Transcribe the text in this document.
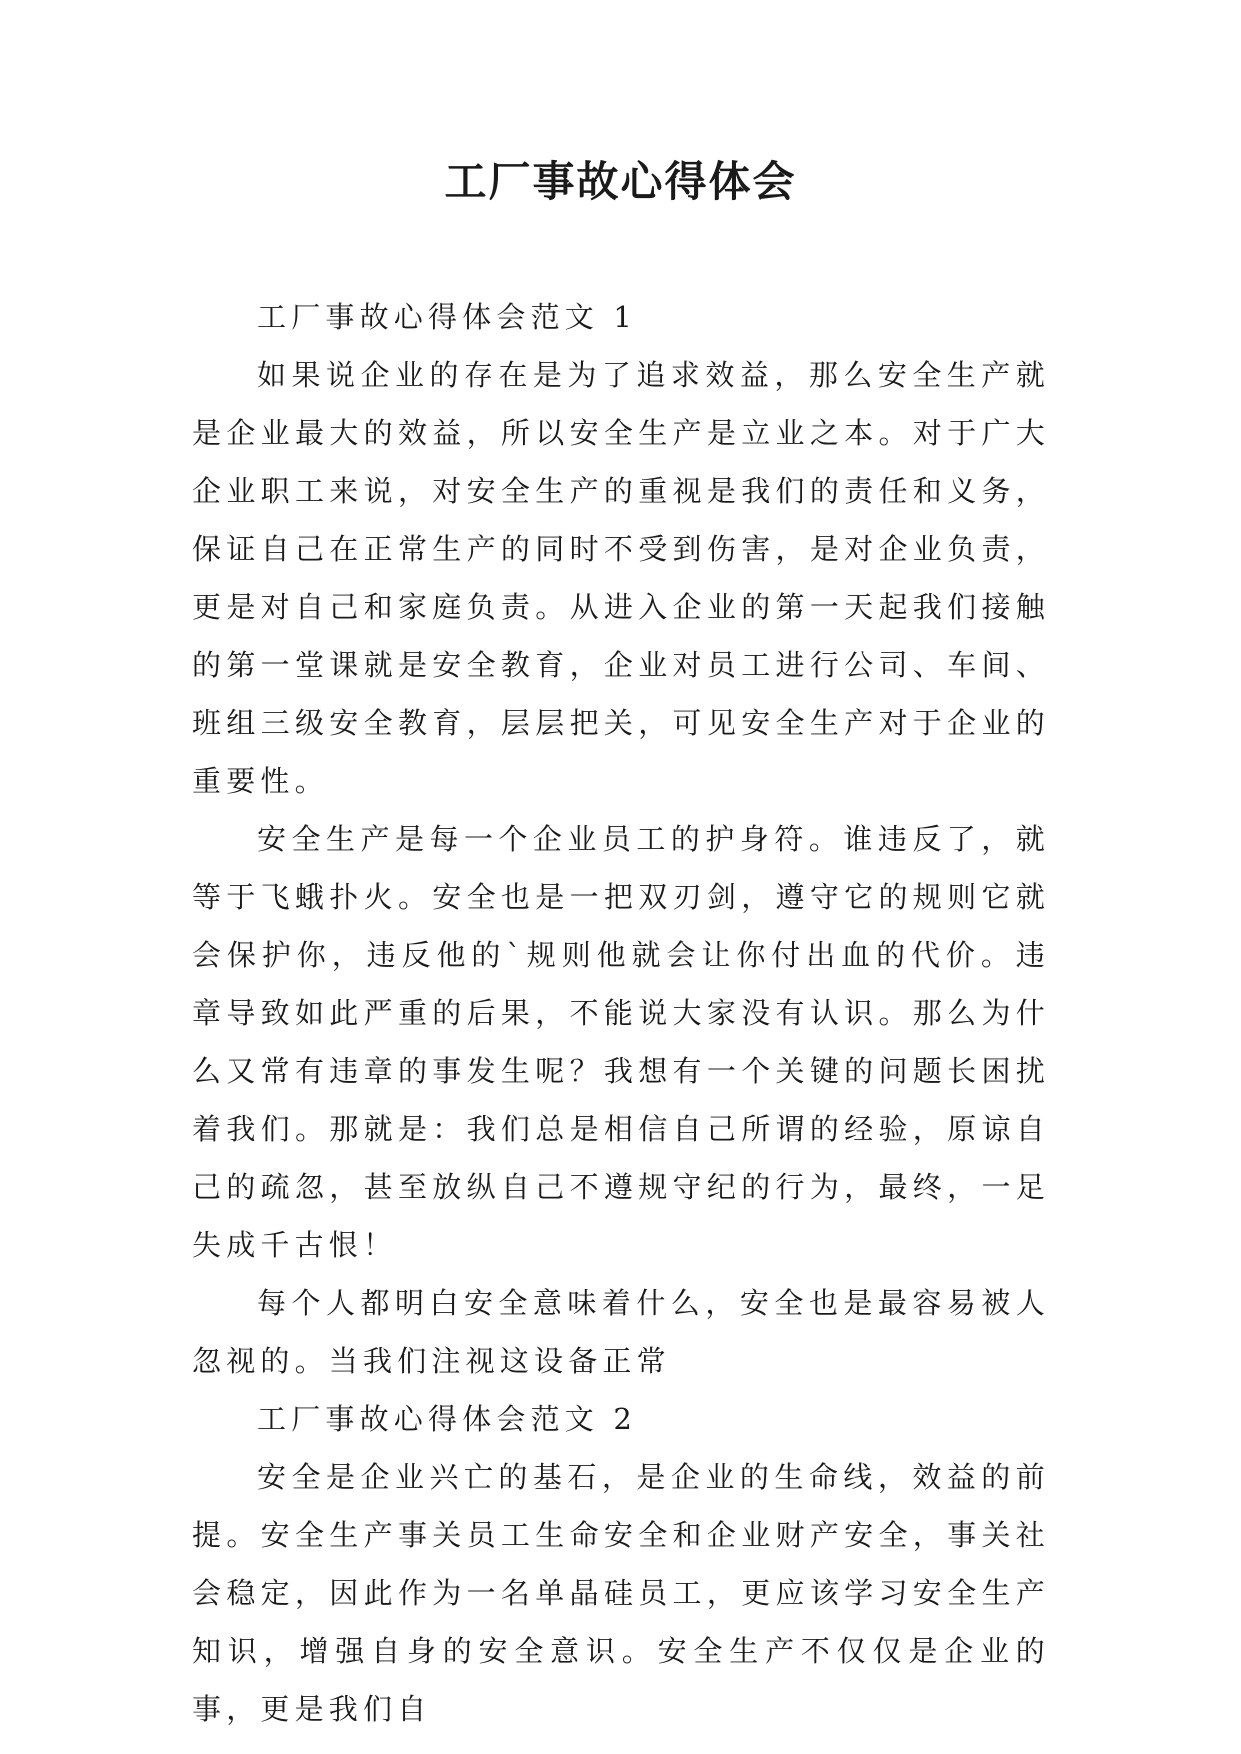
工厂事故心得体会

工厂事故心得体会范文 1

如果说企业的存在是为了追求效益，那么安全生产就是企业最大的效益，所以安全生产是立业之本。对于广大企业职工来说，对安全生产的重视是我们的责任和义务，保证自己在正常生产的同时不受到伤害，是对企业负责，更是对自己和家庭负责。从进入企业的第一天起我们接触的第一堂课就是安全教育，企业对员工进行公司、车间、班组三级安全教育，层层把关，可见安全生产对于企业的重要性。

安全生产是每一个企业员工的护身符。谁违反了，就等于飞蛾扑火。安全也是一把双刃剑，遵守它的规则它就会保护你，违反他的`规则他就会让你付出血的代价。违章导致如此严重的后果，不能说大家没有认识。那么为什么又常有违章的事发生呢？我想有一个关键的问题长困扰着我们。那就是：我们总是相信自己所谓的经验，原谅自己的疏忽，甚至放纵自己不遵规守纪的行为，最终，一足失成千古恨！

每个人都明白安全意味着什么，安全也是最容易被人忽视的。当我们注视这设备正常

工厂事故心得体会范文 2

安全是企业兴亡的基石，是企业的生命线，效益的前提。安全生产事关员工生命安全和企业财产安全，事关社会稳定，因此作为一名单晶硅员工，更应该学习安全生产知识，增强自身的安全意识。安全生产不仅仅是企业的事，更是我们自
